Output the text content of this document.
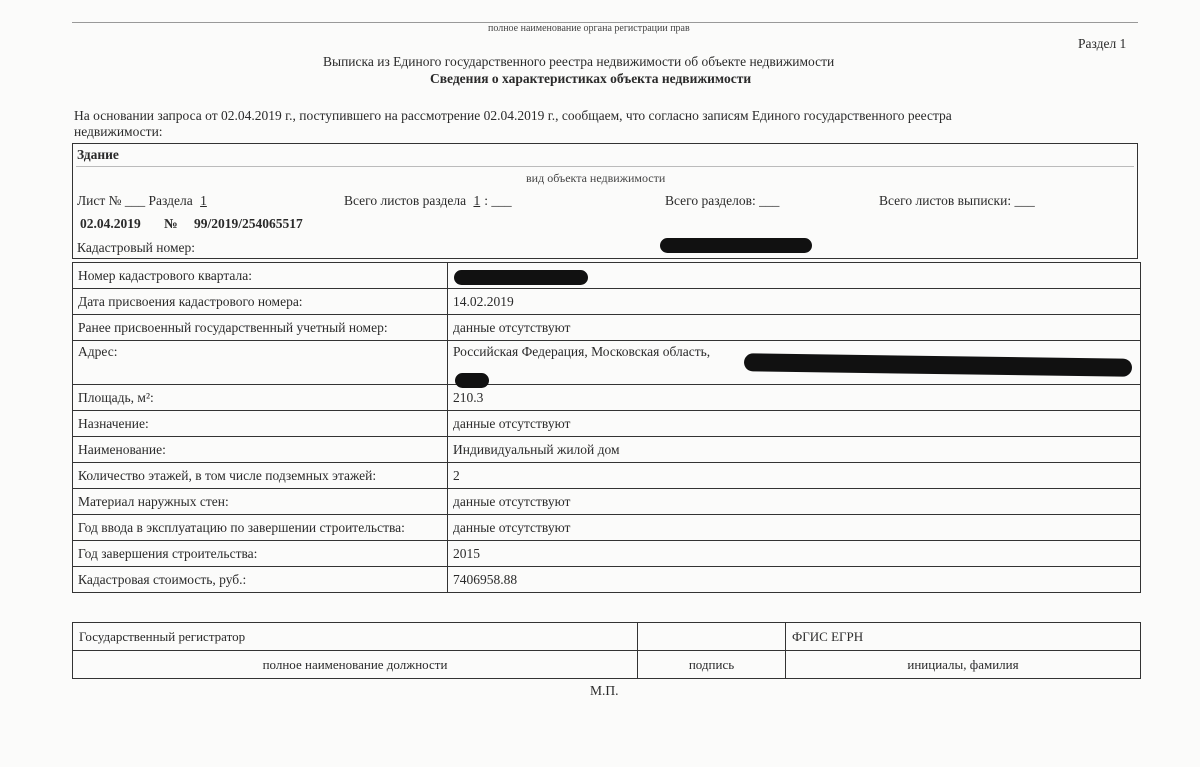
полное наименование органа регистрации прав
Раздел 1
Выписка из Единого государственного реестра недвижимости об объекте недвижимости
Сведения о характеристиках объекта недвижимости
На основании запроса от 02.04.2019 г., поступившего на рассмотрение 02.04.2019 г., сообщаем, что согласно записям Единого государственного реестра
недвижимости:
Здание
вид объекта недвижимости
Лист № ___ Раздела 1	Всего листов раздела 1 : ___	Всего разделов: ___	Всего листов выписки: ___
02.04.2019 № 99/2019/254065517
Кадастровый номер:
Номер кадастрового квартала:	
Дата присвоения кадастрового номера:	14.02.2019
Ранее присвоенный государственный учетный номер:	данные отсутствуют
Адрес:	Российская Федерация, Московская область,
Площадь, м²:	210.3
Назначение:	данные отсутствуют
Наименование:	Индивидуальный жилой дом
Количество этажей, в том числе подземных этажей:	2
Материал наружных стен:	данные отсутствуют
Год ввода в эксплуатацию по завершении строительства:	данные отсутствуют
Год завершения строительства:	2015
Кадастровая стоимость, руб.:	7406958.88
Государственный регистратор		ФГИС ЕГРН
полное наименование должности	подпись	инициалы, фамилия
М.П.
